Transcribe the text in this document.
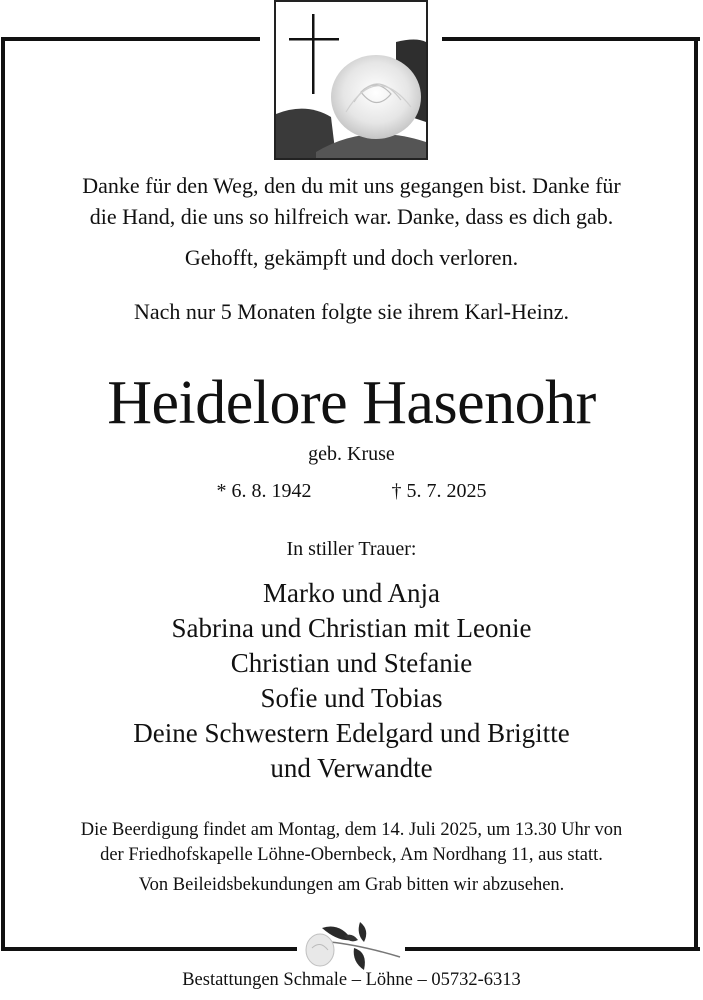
Danke für den Weg, den du mit uns gegangen bist. Danke für
die Hand, die uns so hilfreich war. Danke, dass es dich gab.
Gehofft, gekämpft und doch verloren.
Nach nur 5 Monaten folgte sie ihrem Karl-Heinz.
Heidelore Hasenohr
geb. Kruse
* 6. 8. 1942	† 5. 7. 2025
In stiller Trauer:
Marko und Anja
Sabrina und Christian mit Leonie
Christian und Stefanie
Sofie und Tobias
Deine Schwestern Edelgard und Brigitte
und Verwandte
Die Beerdigung findet am Montag, dem 14. Juli 2025, um 13.30 Uhr von
der Friedhofskapelle Löhne-Obernbeck, Am Nordhang 11, aus statt.
Von Beileidsbekundungen am Grab bitten wir abzusehen.
Bestattungen Schmale – Löhne – 05732-6313
